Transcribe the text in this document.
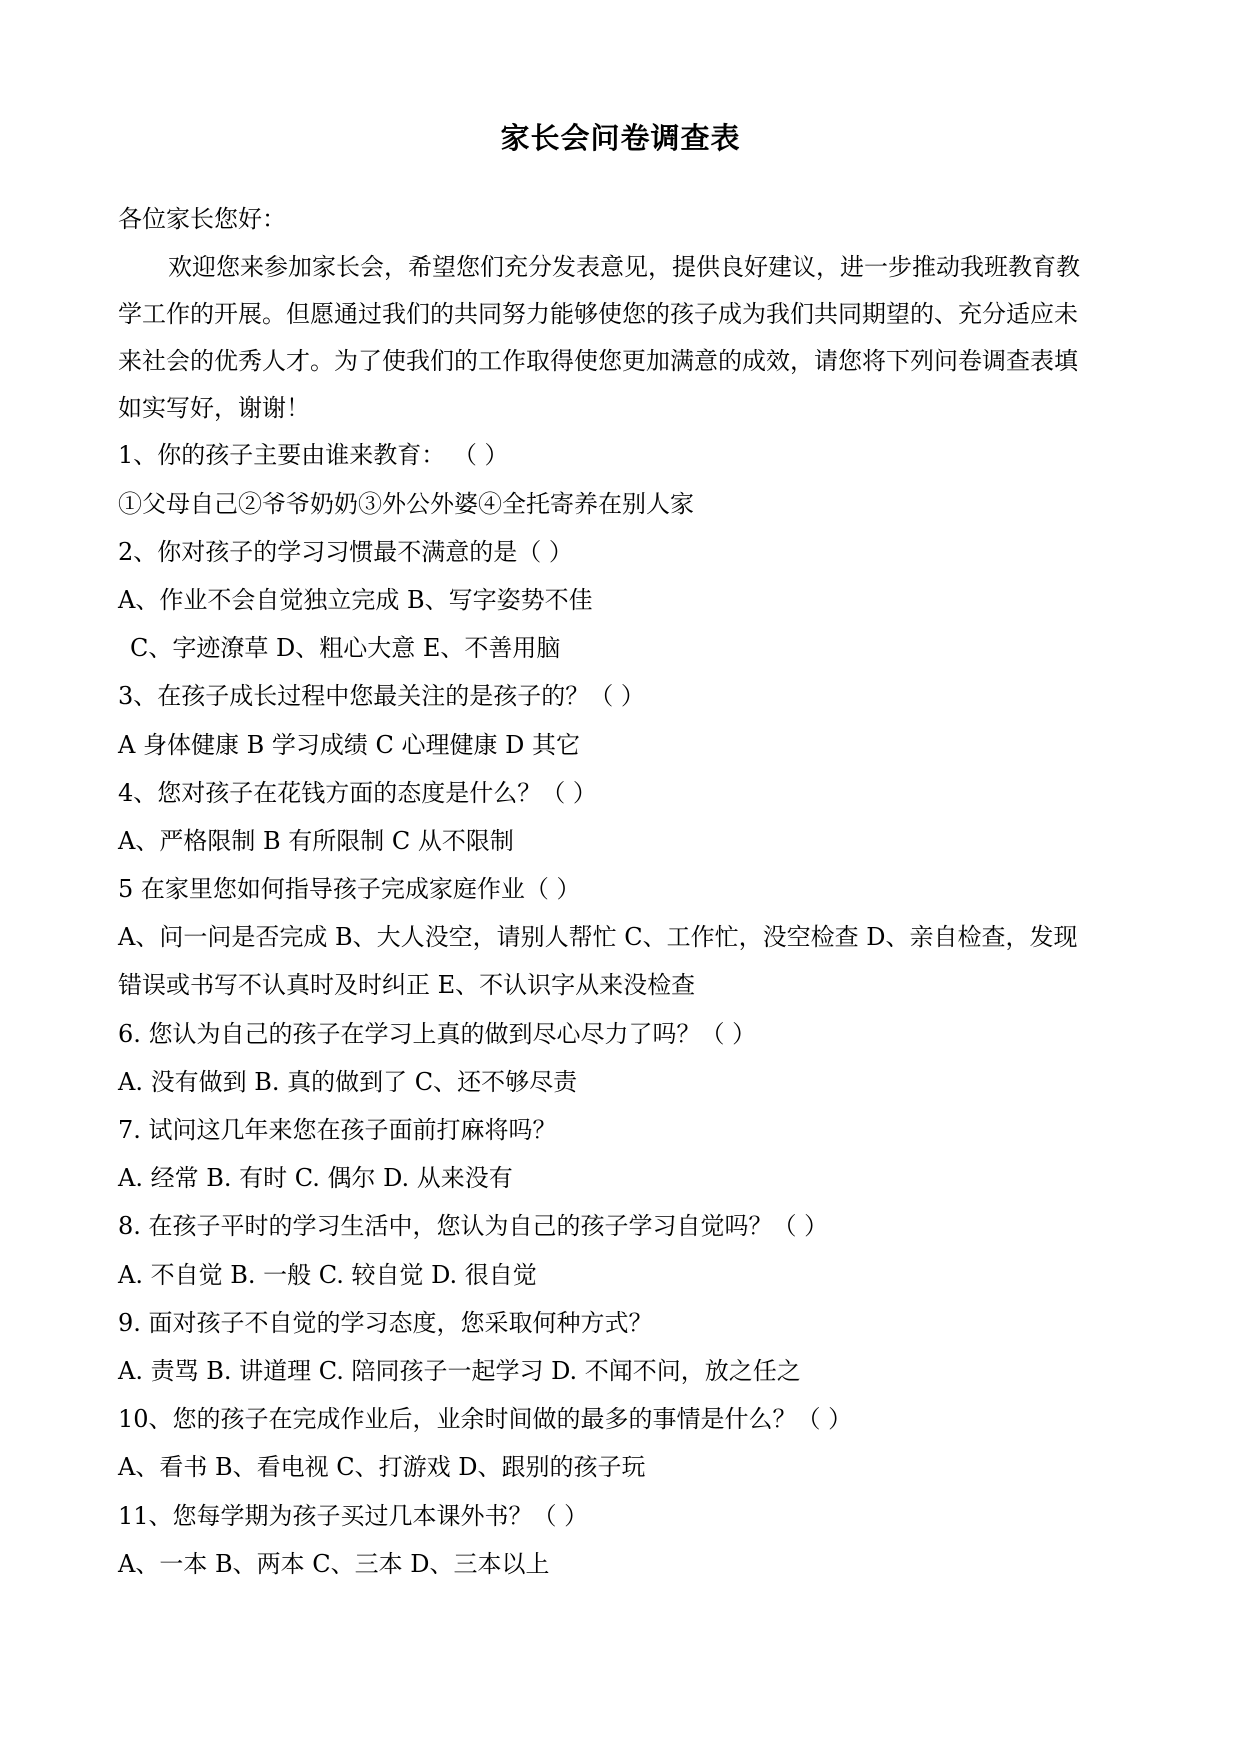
家长会问卷调查表
各位家长您好：
欢迎您来参加家长会，希望您们充分发表意见，提供良好建议，进一步推动我班教育教
学工作的开展。但愿通过我们的共同努力能够使您的孩子成为我们共同期望的、充分适应未
来社会的优秀人才。为了使我们的工作取得使您更加满意的成效，请您将下列问卷调查表填
如实写好，谢谢！
1、你的孩子主要由谁来教育： （ ）
①父母自己②爷爷奶奶③外公外婆④全托寄养在别人家
2、你对孩子的学习习惯最不满意的是（ ）
A、作业不会自觉独立完成 B、写字姿势不佳
C、字迹潦草 D、粗心大意 E、不善用脑
3、在孩子成长过程中您最关注的是孩子的？（ ）
A 身体健康 B 学习成绩 C 心理健康 D 其它
4、您对孩子在花钱方面的态度是什么？（ ）
A、严格限制 B 有所限制 C 从不限制
5 在家里您如何指导孩子完成家庭作业（ ）
A、问一问是否完成 B、大人没空，请别人帮忙 C、工作忙，没空检查 D、亲自检查，发现
错误或书写不认真时及时纠正 E、不认识字从来没检查
6. 您认为自己的孩子在学习上真的做到尽心尽力了吗？（ ）
A. 没有做到 B. 真的做到了 C、还不够尽责
7. 试问这几年来您在孩子面前打麻将吗？
A. 经常 B. 有时 C. 偶尔 D. 从来没有
8. 在孩子平时的学习生活中，您认为自己的孩子学习自觉吗？（ ）
A. 不自觉 B. 一般 C. 较自觉 D. 很自觉
9. 面对孩子不自觉的学习态度，您采取何种方式？
A. 责骂 B. 讲道理 C. 陪同孩子一起学习 D. 不闻不问，放之任之
10、您的孩子在完成作业后，业余时间做的最多的事情是什么？（ ）
A、看书 B、看电视 C、打游戏 D、跟别的孩子玩
11、您每学期为孩子买过几本课外书？（ ）
A、一本 B、两本 C、三本 D、三本以上
